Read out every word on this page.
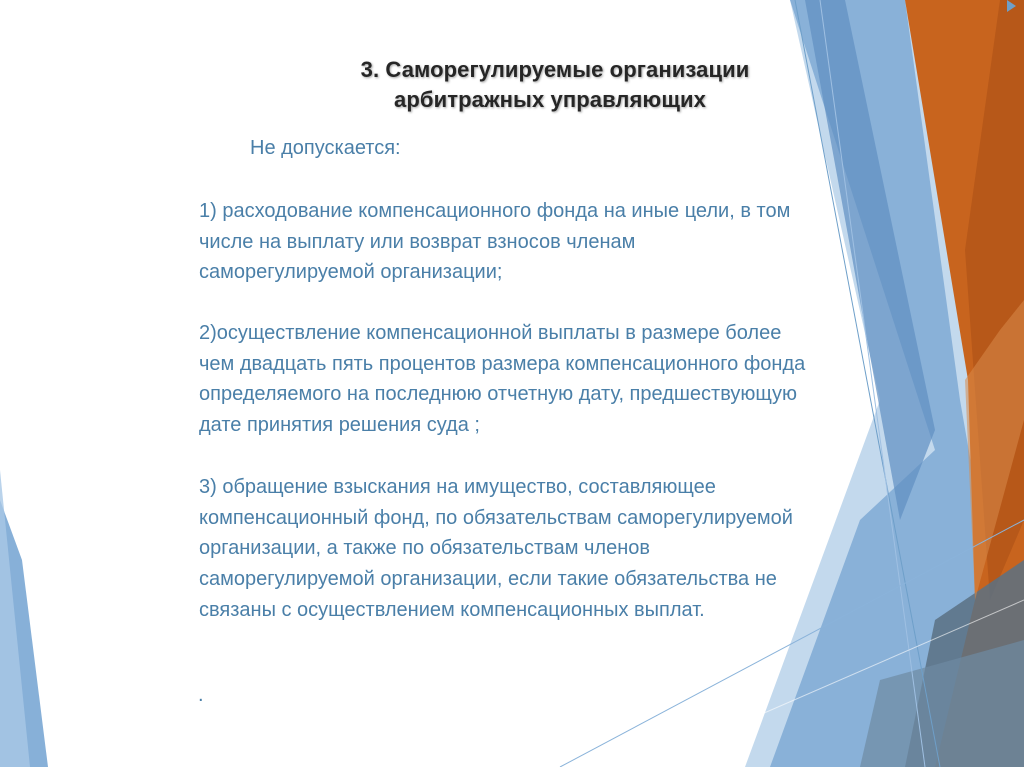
3. Саморегулируемые организации
арбитражных управляющих
Не допускается:
1) расходование компенсационного фонда на иные цели, в том
числе на выплату или возврат взносов членам
саморегулируемой организации;
2)осуществление компенсационной выплаты в размере более
чем двадцать пять процентов размера компенсационного фонда
определяемого на последнюю отчетную дату, предшествующую
дате принятия решения суда ;
3) обращение взыскания на имущество, составляющее
компенсационный фонд, по обязательствам саморегулируемой
организации, а также по обязательствам членов
саморегулируемой организации, если такие обязательства не
связаны с осуществлением компенсационных выплат.
.
